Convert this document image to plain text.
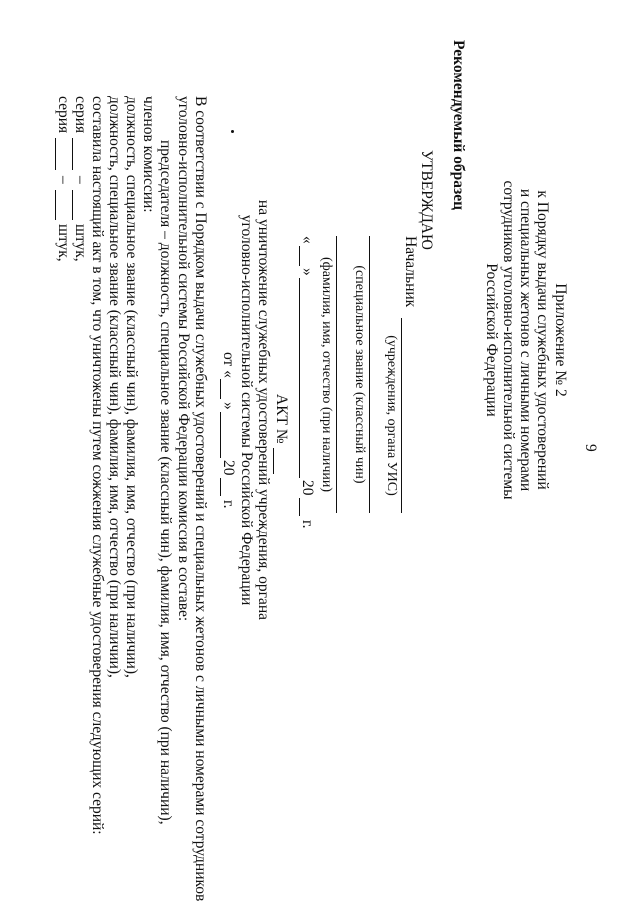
9
Приложение № 2
к Порядку выдачи служебных удостоверений
и специальных жетонов с личными номерами
сотрудников уголовно-исполнительной системы
Российской Федерации
Рекомендуемый образец
УТВЕРЖДАЮ
Начальник
(учреждения, органа УИС)
(специальное звание (классный чин)
(фамилия, имя, отчество (при наличии)
«
»
20
г.
АКТ №
на уничтожение служебных удостоверений учреждения, органа
уголовно-исполнительной системы Российской Федерации
от «
»
20
г.
В соответствии с Порядком выдачи служебных удостоверений и специальных жетонов с личными номерами сотрудников
уголовно-исполнительной системы Российской Федерации комиссия в составе:
председателя – должность, специальное звание (классный чин), фамилия, имя, отчество (при наличии),
членов комиссии:
должность, специальное звание (классный чин), фамилия, имя, отчество (при наличии),
должность, специальное звание (классный чин), фамилия, имя, отчество (при наличии),
составила настоящий акт в том, что уничтожены путем сожжения служебные удостоверения следующих серий:
серия
–
штук,
серия
–
штук,
